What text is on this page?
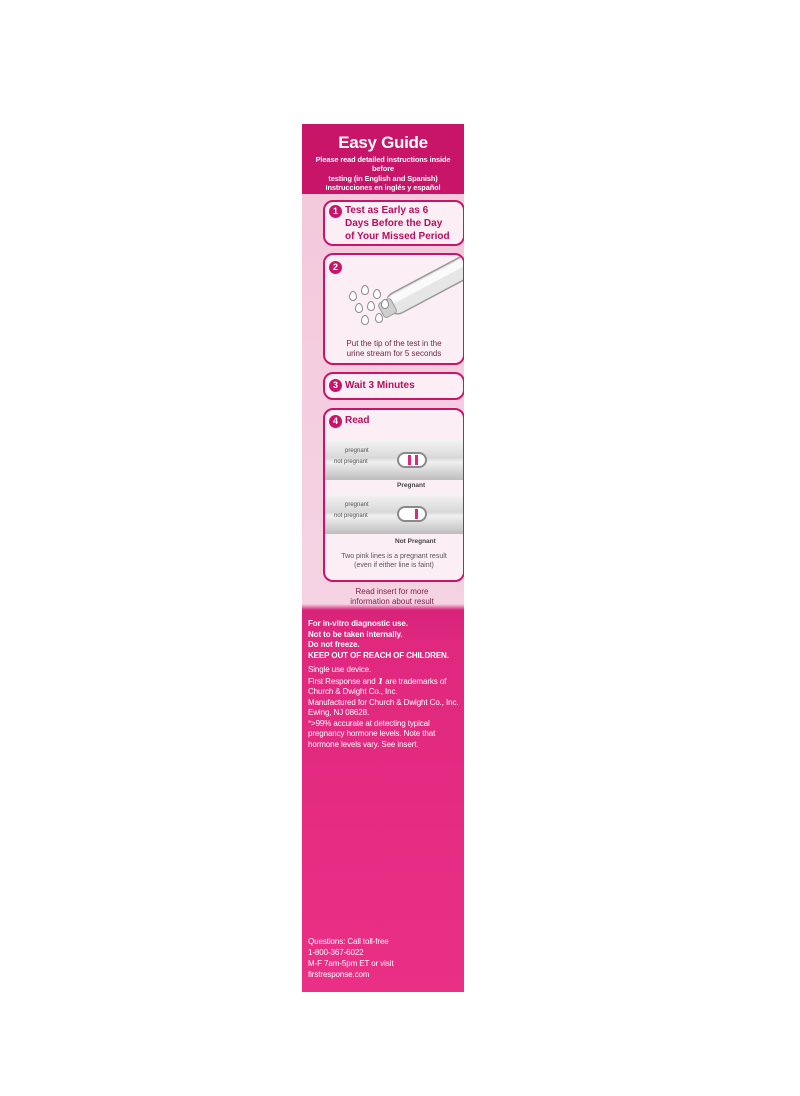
Easy Guide
Please read detailed instructions inside before
testing (in English and Spanish)
Instrucciones en inglés y español
1 Test as Early as 6
Days Before the Day
of Your Missed Period
2
Put the tip of the test in the
urine stream for 5 seconds
3 Wait 3 Minutes
4 Read
pregnant
not pregnant
Pregnant
pregnant
not pregnant
Not Pregnant
Two pink lines is a pregnant result
(even if either line is faint)
Read insert for more
information about result
For in-vitro diagnostic use.
Not to be taken internally.
Do not freeze.
KEEP OUT OF REACH OF CHILDREN.
Single use device.
First Response and 1 are trademarks of
Church & Dwight Co., Inc.
Manufactured for Church & Dwight Co., Inc.
Ewing, NJ 08628.
*>99% accurate at detecting typical
pregnancy hormone levels. Note that
hormone levels vary. See insert.
Questions: Call toll-free
1-800-367-6022
M-F 7am-5pm ET or visit
firstresponse.com
